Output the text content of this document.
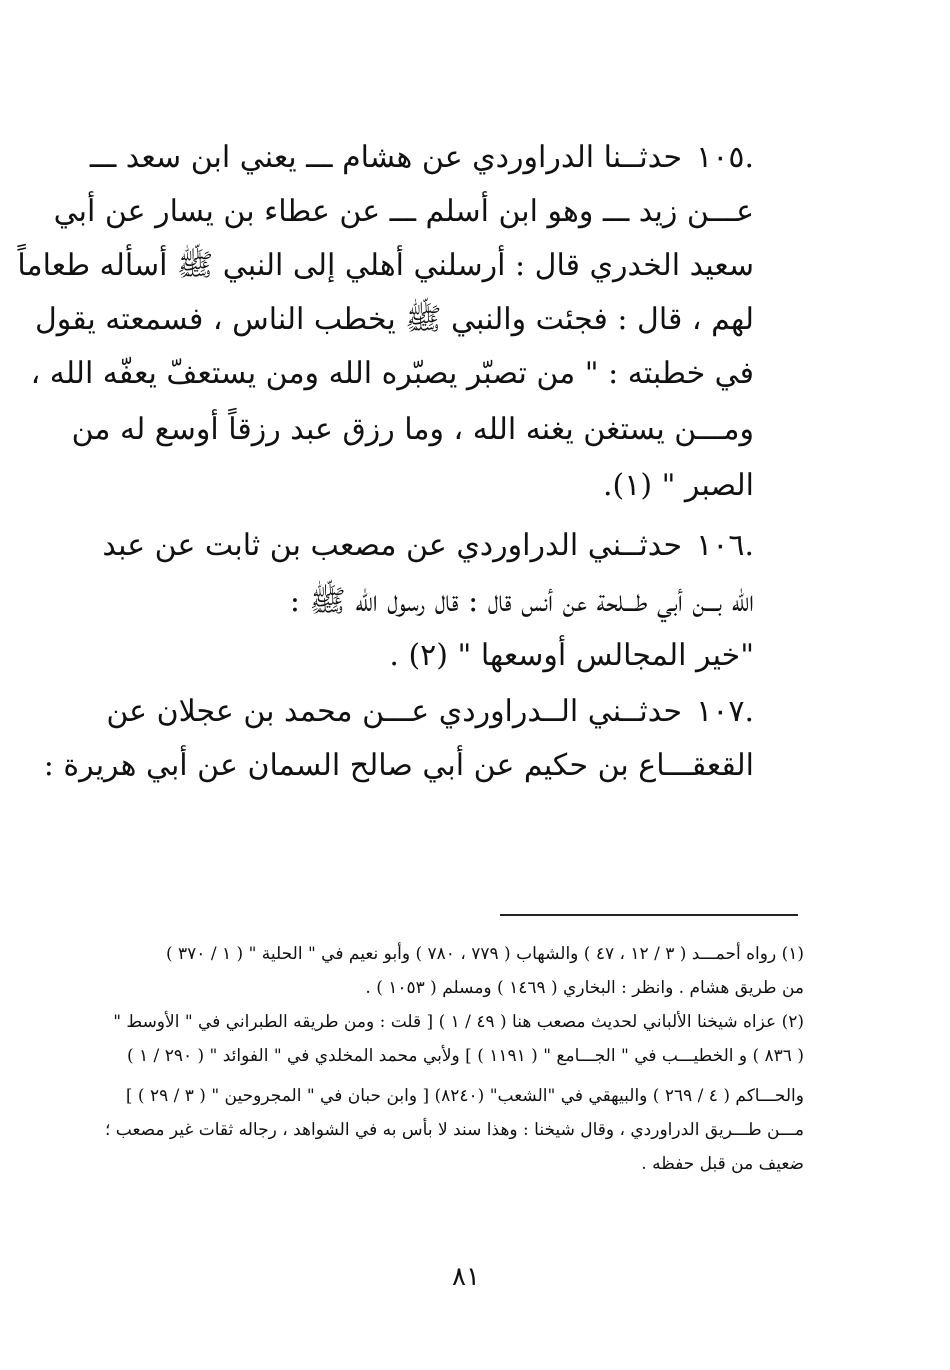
١٠٥.
حدثــنا الدراوردي عن هشام ـــ يعني ابن سعد ـــ
عـــن زيد ـــ وهو ابن أسلم ـــ عن عطاء بن يسار عن أبي
سعيد الخدري قال : أرسلني أهلي إلى النبي ﷺ أسأله طعاماً
لهم ، قال : فجئت والنبي ﷺ يخطب الناس ، فسمعته يقول
في خطبته : " من تصبّر يصبّره الله ومن يستعفّ يعفّه الله ،
ومـــن يستغن يغنه الله ، وما رزق عبد رزقاً أوسع له من
الصبر " (١).
١٠٦.
حدثــني الدراوردي عن مصعب بن ثابت عن عبد
الله بـــن أبي طـــلحة عن أنس قال : قال رسول الله ﷺ :
"خير المجالس أوسعها " (٢) .
١٠٧.
حدثــني الــدراوردي عـــن محمد بن عجلان عن
القعقـــاع بن حكيم عن أبي صالح السمان عن أبي هريرة :
(١) رواه أحمـــد ( ٣ / ١٢ ، ٤٧ ) والشهاب ( ٧٧٩ ، ٧٨٠ ) وأبو نعيم في " الحلية " ( ١ / ٣٧٠ )
من طريق هشام . وانظر : البخاري ( ١٤٦٩ ) ومسلم ( ١٠٥٣ ) .
(٢) عزاه شيخنا الألباني لحديث مصعب هنا ( ٤٩ / ١ ) [ قلت : ومن طريقه الطبراني في " الأوسط "
( ٨٣٦ ) و الخطيـــب في " الجـــامع " ( ١١٩١ ) ] ولأبي محمد المخلدي في " الفوائد " ( ٢٩٠ / ١ )
والحـــاكم ( ٤ / ٢٦٩ ) والبيهقي في "الشعب" (٨٢٤٠) [ وابن حبان في " المجروحين " ( ٣ / ٢٩ ) ]
مـــن طـــريق الدراوردي ، وقال شيخنا : وهذا سند لا بأس به في الشواهد ، رجاله ثقات غير مصعب ؛
ضعيف من قبل حفظه .
٨١
